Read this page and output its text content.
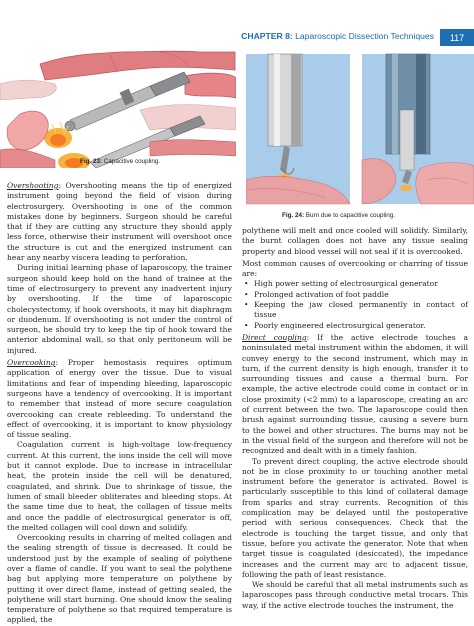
CHAPTER 8: Laparoscopic Dissection Techniques	117
Fig. 23: Capacitive coupling.
Fig. 24: Burn due to capacitive coupling.

Overshooting: Overshooting means the tip of energized instrument going beyond the field of vision during electrosurgery. Overshooting is one of the common mistakes done by beginners. Surgeon should be careful that if they are cutting any structure they should apply less force, otherwise their instrument will overshoot once the structure is cut and the energized instrument can hear any nearby viscera leading to perforation.

During initial learning phase of laparoscopy, the trainer surgeon should keep hold on the hand of trainee at the time of electrosurgery to prevent any inadvertent injury by overshooting. If the time of laparoscopic cholecystectomy, if hook overshoots, it may hit diaphragm or duodenum. If overshooting is not under the control of surgeon, he should try to keep the tip of hook toward the anterior abdominal wall, so that only peritoneum will be injured.

Overcooking: Proper hemostasis requires optimum application of energy over the tissue. Due to visual limitations and fear of impending bleeding, laparoscopic surgeons have a tendency of overcooking. It is important to remember that instead of more secure coagulation overcooking can create rebleeding. To understand the effect of overcooking, it is important to know physiology of tissue sealing.

Coagulation current is high-voltage low-frequency current. At this current, the ions inside the cell will move but it cannot explode. Due to increase in intracellular heat, the protein inside the cell will be denatured, coagulated, and shrink. Due to shrinkage of tissue, the lumen of small bleeder obliterates and bleeding stops. At the same time due to heat, the collagen of tissue melts and once the paddle of electrosurgical generator is off, the melted collagen will cool down and solidify.

Overcooking results in charring of melted collagen and the sealing strength of tissue is decreased. It could be understood just by the example of sealing of polythene over a flame of candle. If you want to seal the polythene bag but applying more temperature on polythene by putting it over direct flame, instead of getting sealed, the polythene will start burning. One should know the sealing temperature of polythene so that required temperature is applied, the

polythene will melt and once cooled will solidify. Similarly, the burnt collagen does not have any tissue sealing property and blood vessel will not seal if it is overcooked.

Most common causes of overcooking or charring of tissue are:

• High power setting of electrosurgical generator
• Prolonged activation of foot paddle
• Keeping the jaw closed permanently in contact of tissue
• Poorly engineered electrosurgical generator.

Direct coupling: If the active electrode touches a noninsulated metal instrument within the abdomen, it will convey energy to the second instrument, which may in turn, if the current density is high enough, transfer it to surrounding tissues and cause a thermal burn. For example, the active electrode could come in contact or in close proximity (<2 mm) to a laparoscope, creating an arc of current between the two. The laparoscope could then brush against surrounding tissue, causing a severe burn to the bowel and other structures. The burns may not be in the visual field of the surgeon and therefore will not be recognized and dealt with in a timely fashion.

To prevent direct coupling, the active electrode should not be in close proximity to or touching another metal instrument before the generator is activated. Bowel is particularly susceptible to this kind of collateral damage from sparks and stray currents. Recognition of this complication may be delayed until the postoperative period with serious consequences. Check that the electrode is touching the target tissue, and only that tissue, before you activate the generator. Note that when target tissue is coagulated (desiccated), the impedance increases and the current may arc to adjacent tissue, following the path of least resistance.

We should be careful that all metal instruments such as laparoscopes pass through conductive metal trocars. This way, if the active electrode touches the instrument, the
